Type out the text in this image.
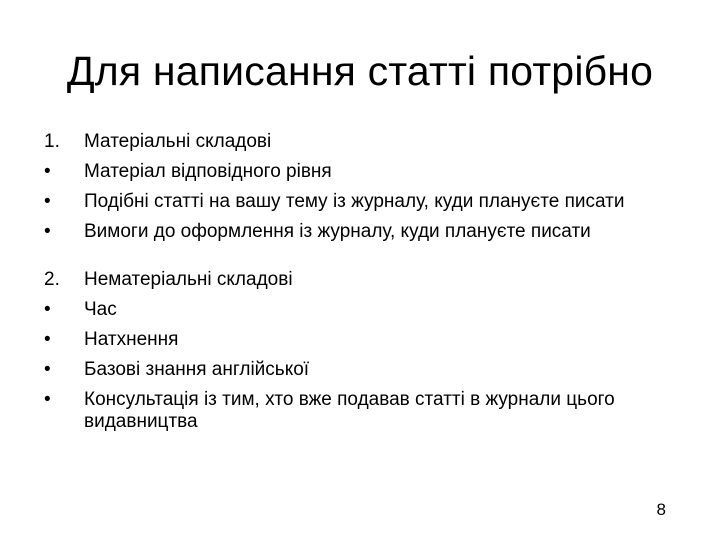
Для написання статті потрібно
1. Матеріальні складові
• Матеріал відповідного рівня
• Подібні статті на вашу тему із журналу, куди плануєте писати
• Вимоги до оформлення із журналу, куди плануєте писати
2. Нематеріальні складові
• Час
• Натхнення
• Базові знання англійської
• Консультація із тим, хто вже подавав статті в журнали цього видавництва
8
